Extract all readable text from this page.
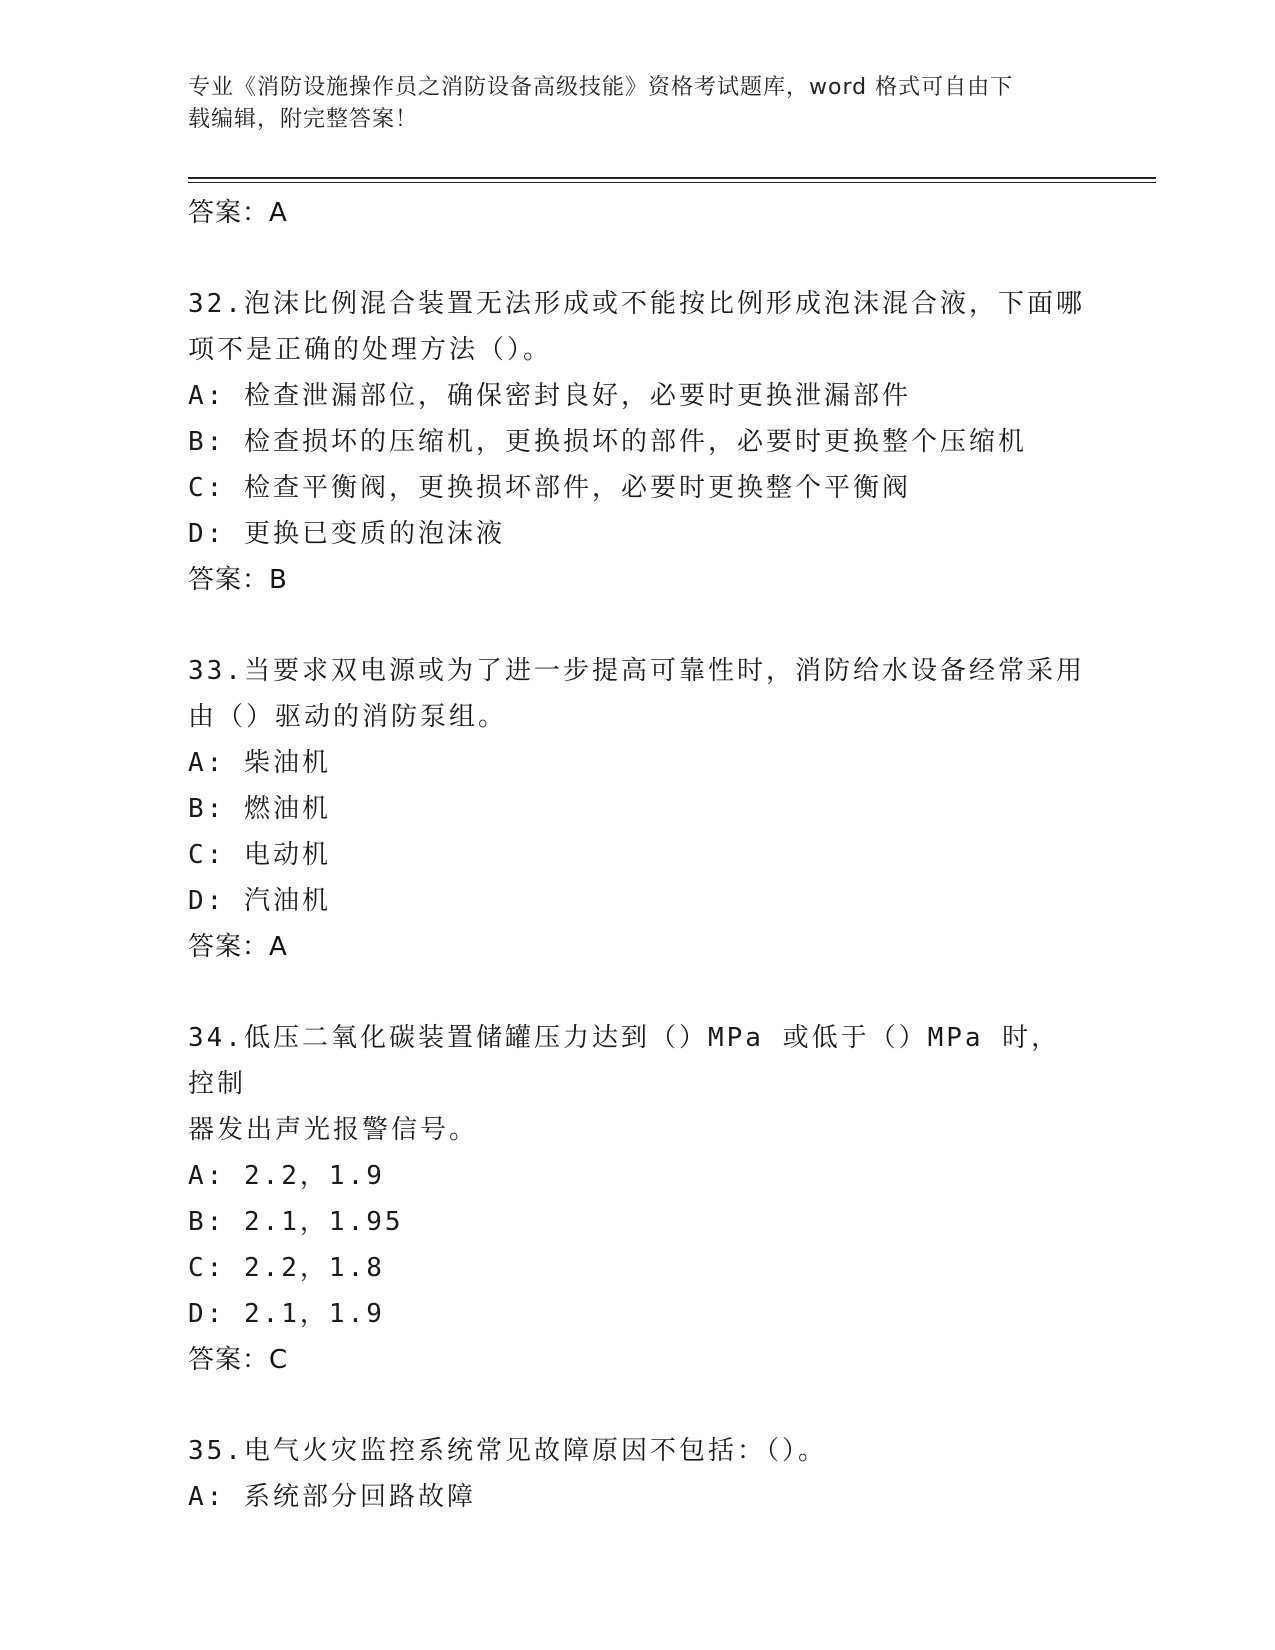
专业《消防设施操作员之消防设备高级技能》资格考试题库，word 格式可自由下
载编辑，附完整答案！
答案：A
32.泡沫比例混合装置无法形成或不能按比例形成泡沫混合液，下面哪
项不是正确的处理方法（）。
A: 检查泄漏部位，确保密封良好，必要时更换泄漏部件
B: 检查损坏的压缩机，更换损坏的部件，必要时更换整个压缩机
C: 检查平衡阀，更换损坏部件，必要时更换整个平衡阀
D: 更换已变质的泡沫液
答案：B
33.当要求双电源或为了进一步提高可靠性时，消防给水设备经常采用
由（）驱动的消防泵组。
A: 柴油机
B: 燃油机
C: 电动机
D: 汽油机
答案：A
34.低压二氧化碳装置储罐压力达到（）MPa 或低于（）MPa 时，控制
器发出声光报警信号。
A: 2.2，1.9
B: 2.1，1.95
C: 2.2，1.8
D: 2.1，1.9
答案：C
35.电气火灾监控系统常见故障原因不包括：（）。
A: 系统部分回路故障
